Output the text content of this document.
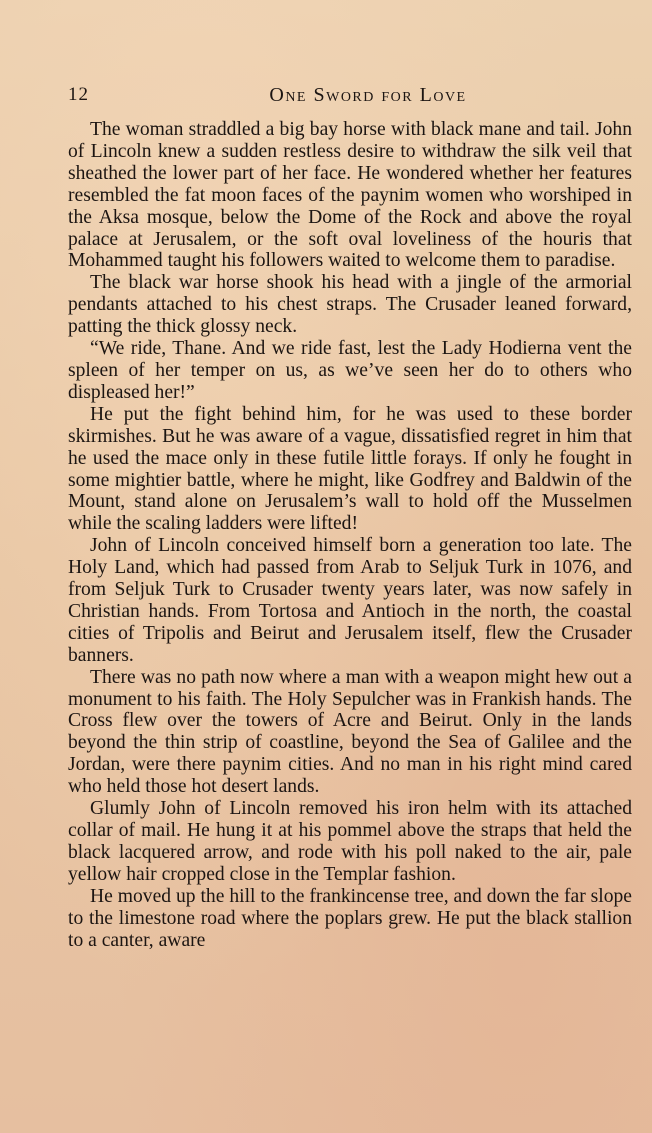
12	One Sword for Love

The woman straddled a big bay horse with black mane and tail. John of Lincoln knew a sudden restless desire to withdraw the silk veil that sheathed the lower part of her face. He wondered whether her features resembled the fat moon faces of the paynim women who worshiped in the Aksa mosque, below the Dome of the Rock and above the royal palace at Jerusalem, or the soft oval loveliness of the houris that Mohammed taught his followers waited to welcome them to paradise.

The black war horse shook his head with a jingle of the armorial pendants attached to his chest straps. The Crusader leaned forward, patting the thick glossy neck.

“We ride, Thane. And we ride fast, lest the Lady Hodierna vent the spleen of her temper on us, as we’ve seen her do to others who displeased her!”

He put the fight behind him, for he was used to these border skirmishes. But he was aware of a vague, dissatisfied regret in him that he used the mace only in these futile little forays. If only he fought in some mightier battle, where he might, like Godfrey and Baldwin of the Mount, stand alone on Jerusalem’s wall to hold off the Musselmen while the scaling ladders were lifted!

John of Lincoln conceived himself born a generation too late. The Holy Land, which had passed from Arab to Seljuk Turk in 1076, and from Seljuk Turk to Crusader twenty years later, was now safely in Christian hands. From Tortosa and Antioch in the north, the coastal cities of Tripolis and Beirut and Jerusalem itself, flew the Crusader banners.

There was no path now where a man with a weapon might hew out a monument to his faith. The Holy Sepulcher was in Frankish hands. The Cross flew over the towers of Acre and Beirut. Only in the lands beyond the thin strip of coastline, beyond the Sea of Galilee and the Jordan, were there paynim cities. And no man in his right mind cared who held those hot desert lands.

Glumly John of Lincoln removed his iron helm with its attached collar of mail. He hung it at his pommel above the straps that held the black lacquered arrow, and rode with his poll naked to the air, pale yellow hair cropped close in the Templar fashion.

He moved up the hill to the frankincense tree, and down the far slope to the limestone road where the poplars grew. He put the black stallion to a canter, aware
